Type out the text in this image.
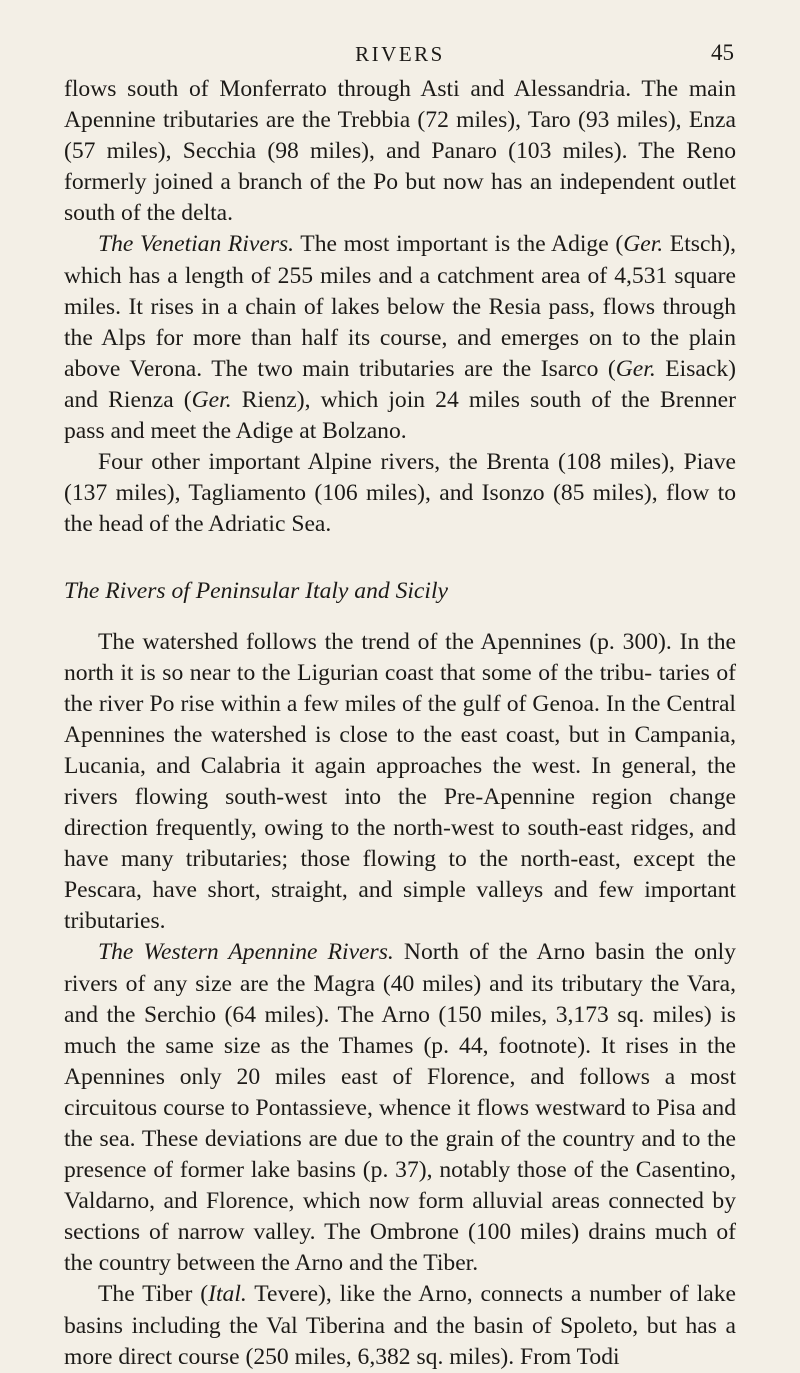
RIVERS	45

flows south of Monferrato through Asti and Alessandria. The main Apennine tributaries are the Trebbia (72 miles), Taro (93 miles), Enza (57 miles), Secchia (98 miles), and Panaro (103 miles). The Reno formerly joined a branch of the Po but now has an independent outlet south of the delta.

The Venetian Rivers. The most important is the Adige (Ger. Etsch), which has a length of 255 miles and a catchment area of 4,531 square miles. It rises in a chain of lakes below the Resia pass, flows through the Alps for more than half its course, and emerges on to the plain above Verona. The two main tributaries are the Isarco (Ger. Eisack) and Rienza (Ger. Rienz), which join 24 miles south of the Brenner pass and meet the Adige at Bolzano.

Four other important Alpine rivers, the Brenta (108 miles), Piave (137 miles), Tagliamento (106 miles), and Isonzo (85 miles), flow to the head of the Adriatic Sea.

The Rivers of Peninsular Italy and Sicily

The watershed follows the trend of the Apennines (p. 300). In the north it is so near to the Ligurian coast that some of the tribu- taries of the river Po rise within a few miles of the gulf of Genoa. In the Central Apennines the watershed is close to the east coast, but in Campania, Lucania, and Calabria it again approaches the west. In general, the rivers flowing south-west into the Pre-Apennine region change direction frequently, owing to the north-west to south-east ridges, and have many tributaries; those flowing to the north-east, except the Pescara, have short, straight, and simple valleys and few important tributaries.

The Western Apennine Rivers. North of the Arno basin the only rivers of any size are the Magra (40 miles) and its tributary the Vara, and the Serchio (64 miles). The Arno (150 miles, 3,173 sq. miles) is much the same size as the Thames (p. 44, footnote). It rises in the Apennines only 20 miles east of Florence, and follows a most circuitous course to Pontassieve, whence it flows westward to Pisa and the sea. These deviations are due to the grain of the country and to the presence of former lake basins (p. 37), notably those of the Casentino, Valdarno, and Florence, which now form alluvial areas connected by sections of narrow valley. The Ombrone (100 miles) drains much of the country between the Arno and the Tiber.

The Tiber (Ital. Tevere), like the Arno, connects a number of lake basins including the Val Tiberina and the basin of Spoleto, but has a more direct course (250 miles, 6,382 sq. miles). From Todi
